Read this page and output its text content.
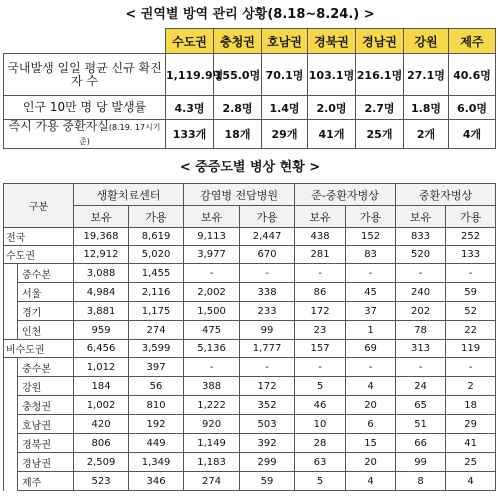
< 권역별 방역 관리 상황(8.18~8.24.) >
	수도권	충청권	호남권	경북권	경남권	강원	제주
국내발생 일일 평균 신규 확진자 수	1,119.9명	155.0명	70.1명	103.1명	216.1명	27.1명	40.6명
인구 10만 명 당 발생률	4.3명	2.8명	1.4명	2.0명	2.7명	1.8명	6.0명
즉시 가용 중환자실(8.19. 17시기준)	133개	18개	29개	41개	25개	2개	4개
< 중증도별 병상 현황 >
구분		생활치료센터		감염병 전담병원		준-중환자병상		중환자병상	
		보유	가용	보유	가용	보유	가용	보유	가용
전국		19,368	8,619	9,113	2,447	438	152	833	252
수도권		12,912	5,020	3,977	670	281	83	520	133
	중수본	3,088	1,455	-	-	-	-	-	-
	서울	4,984	2,116	2,002	338	86	45	240	59
	경기	3,881	1,175	1,500	233	172	37	202	52
	인천	959	274	475	99	23	1	78	22
비수도권		6,456	3,599	5,136	1,777	157	69	313	119
	중수본	1,012	397	-	-	-	-	-	-
	강원	184	56	388	172	5	4	24	2
	충청권	1,002	810	1,222	352	46	20	65	18
	호남권	420	192	920	503	10	6	51	29
	경북권	806	449	1,149	392	28	15	66	41
	경남권	2,509	1,349	1,183	299	63	20	99	25
	제주	523	346	274	59	5	4	8	4
